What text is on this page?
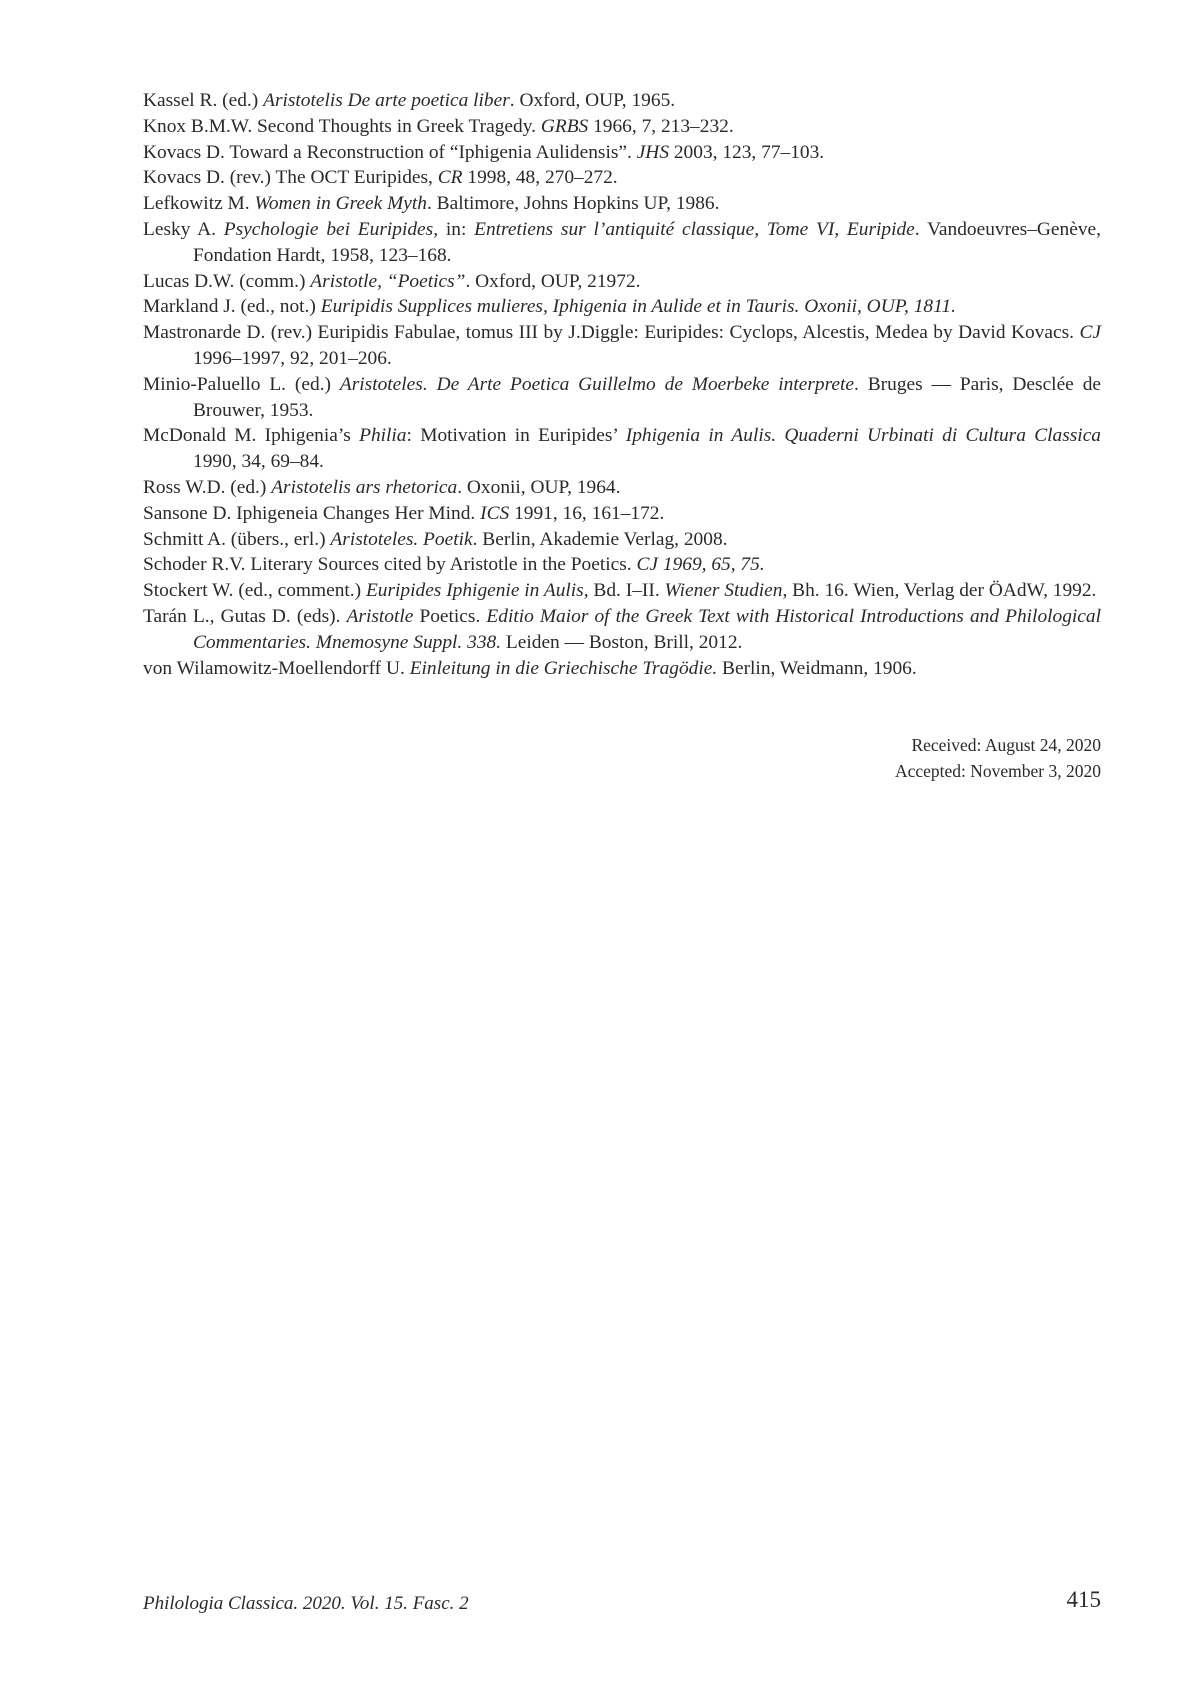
Kassel R. (ed.) Aristotelis De arte poetica liber. Oxford, OUP, 1965.

Knox B.M.W. Second Thoughts in Greek Tragedy. GRBS 1966, 7, 213–232.

Kovacs D. Toward a Reconstruction of “Iphigenia Aulidensis”. JHS 2003, 123, 77–103.

Kovacs D. (rev.) The OCT Euripides, CR 1998, 48, 270–272.

Lefkowitz M. Women in Greek Myth. Baltimore, Johns Hopkins UP, 1986.

Lesky A. Psychologie bei Euripides, in: Entretiens sur l’antiquité classique, Tome VI, Euripide. Vandoeuvres–Genève, Fondation Hardt, 1958, 123–168.

Lucas D.W. (comm.) Aristotle, “Poetics”. Oxford, OUP, 21972.

Markland J. (ed., not.) Euripidis Supplices mulieres, Iphigenia in Aulide et in Tauris. Oxonii, OUP, 1811.

Mastronarde D. (rev.) Euripidis Fabulae, tomus III by J.Diggle: Euripides: Cyclops, Alcestis, Medea by David Kovacs. CJ 1996–1997, 92, 201–206.

Minio-Paluello L. (ed.) Aristoteles. De Arte Poetica Guillelmo de Moerbeke interprete. Bruges — Paris, Desclée de Brouwer, 1953.

McDonald M. Iphigenia’s Philia: Motivation in Euripides’ Iphigenia in Aulis. Quaderni Urbinati di Cultura Classica 1990, 34, 69–84.

Ross W.D. (ed.) Aristotelis ars rhetorica. Oxonii, OUP, 1964.

Sansone D. Iphigeneia Changes Her Mind. ICS 1991, 16, 161–172.

Schmitt A. (übers., erl.) Aristoteles. Poetik. Berlin, Akademie Verlag, 2008.

Schoder R.V. Literary Sources cited by Aristotle in the Poetics. CJ 1969, 65, 75.

Stockert W. (ed., comment.) Euripides Iphigenie in Aulis, Bd. I–II. Wiener Studien, Bh. 16. Wien, Verlag der ÖAdW, 1992.

Tarán L., Gutas D. (eds). Aristotle Poetics. Editio Maior of the Greek Text with Historical Introductions and Philological Commentaries. Mnemosyne Suppl. 338. Leiden — Boston, Brill, 2012.

von Wilamowitz-Moellendorff U. Einleitung in die Griechische Tragödie. Berlin, Weidmann, 1906.

Received: August 24, 2020
Accepted: November 3, 2020
Philologia Classica. 2020. Vol. 15. Fasc. 2	415
